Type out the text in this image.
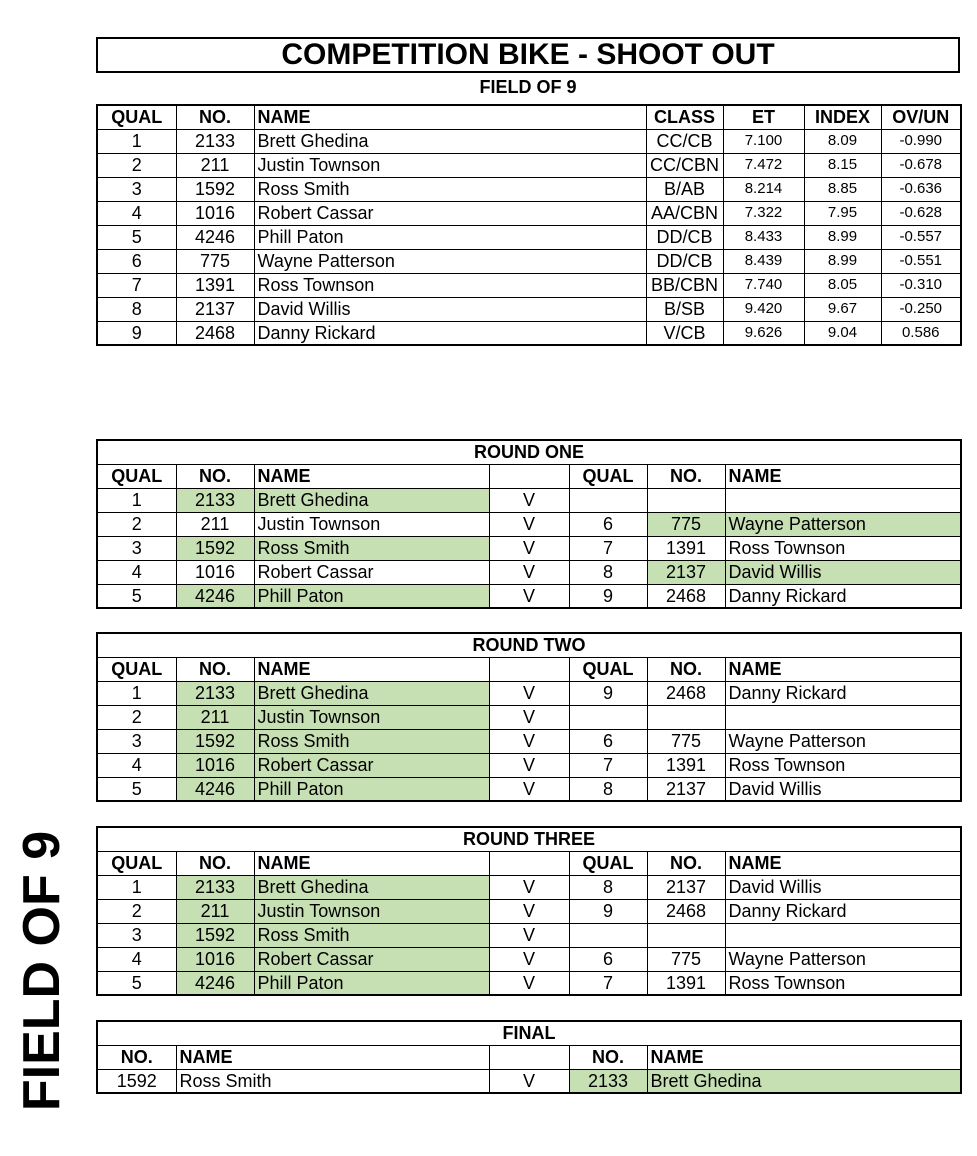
COMPETITION BIKE - SHOOT OUT
FIELD OF 9
QUAL	NO.	NAME	CLASS	ET	INDEX	OV/UN
1	2133	Brett Ghedina	CC/CB	7.100	8.09	-0.990
2	211	Justin Townson	CC/CBN	7.472	8.15	-0.678
3	1592	Ross Smith	B/AB	8.214	8.85	-0.636
4	1016	Robert Cassar	AA/CBN	7.322	7.95	-0.628
5	4246	Phill Paton	DD/CB	8.433	8.99	-0.557
6	775	Wayne Patterson	DD/CB	8.439	8.99	-0.551
7	1391	Ross Townson	BB/CBN	7.740	8.05	-0.310
8	2137	David Willis	B/SB	9.420	9.67	-0.250
9	2468	Danny Rickard	V/CB	9.626	9.04	0.586
ROUND ONE						
QUAL	NO.	NAME		QUAL	NO.	NAME
1	2133	Brett Ghedina	V			
2	211	Justin Townson	V	6	775	Wayne Patterson
3	1592	Ross Smith	V	7	1391	Ross Townson
4	1016	Robert Cassar	V	8	2137	David Willis
5	4246	Phill Paton	V	9	2468	Danny Rickard
ROUND TWO						
QUAL	NO.	NAME		QUAL	NO.	NAME
1	2133	Brett Ghedina	V	9	2468	Danny Rickard
2	211	Justin Townson	V			
3	1592	Ross Smith	V	6	775	Wayne Patterson
4	1016	Robert Cassar	V	7	1391	Ross Townson
5	4246	Phill Paton	V	8	2137	David Willis
ROUND THREE						
QUAL	NO.	NAME		QUAL	NO.	NAME
1	2133	Brett Ghedina	V	8	2137	David Willis
2	211	Justin Townson	V	9	2468	Danny Rickard
3	1592	Ross Smith	V			
4	1016	Robert Cassar	V	6	775	Wayne Patterson
5	4246	Phill Paton	V	7	1391	Ross Townson
FINAL				
NO.	NAME		NO.	NAME
1592	Ross Smith	V	2133	Brett Ghedina
FIELD OF 9
